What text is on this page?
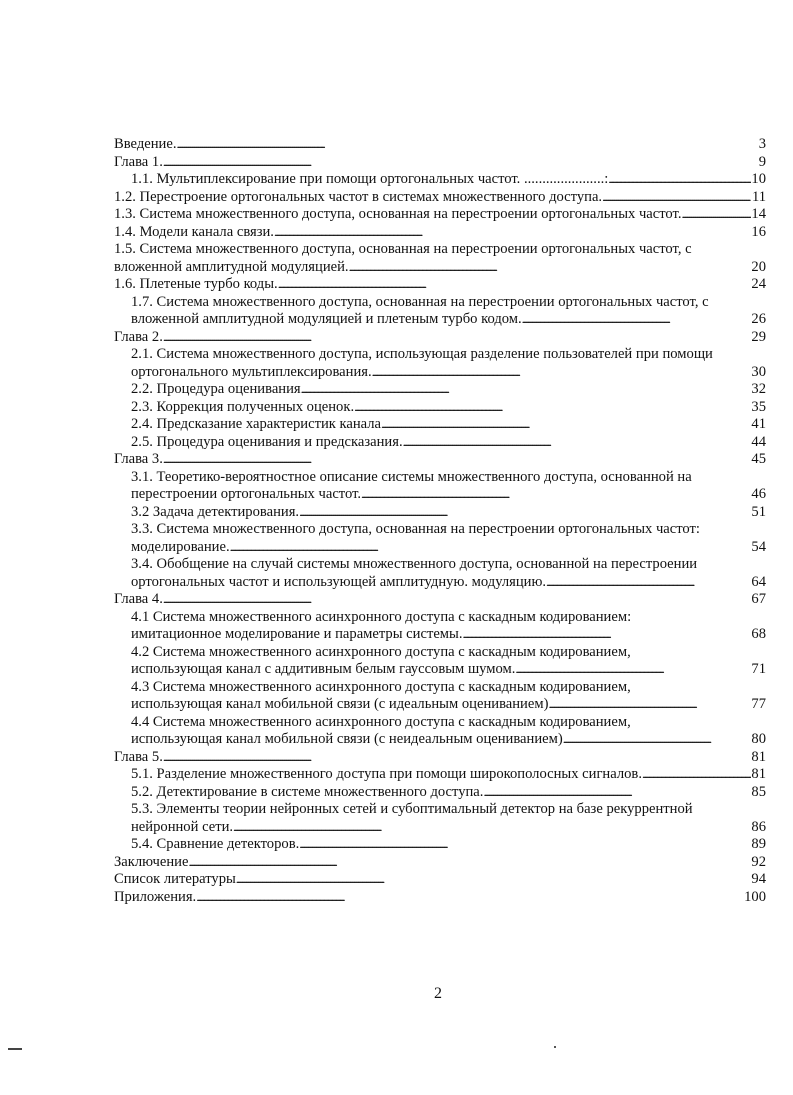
Введение. . . .	3
Глава 1. . . .	9
1.1. Мультиплексирование при помощи ортогональных частот. ......................: . . .	10
1.2. Перестроение ортогональных частот в системах множественного доступа. . . .	11
1.3. Система множественного доступа, основанная на перестроении ортогональных частот. . . .	14
1.4. Модели канала связи. . . .	16
1.5. Система множественного доступа, основанная на перестроении ортогональных частот, с
вложенной амплитудной модуляцией. . . .	20
1.6. Плетеные турбо коды. . . .	24
1.7. Система множественного доступа, основанная на перестроении ортогональных частот, с
вложенной амплитудной модуляцией и плетеным турбо кодом. . . .	26
Глава 2. . . .	29
2.1. Система множественного доступа, использующая разделение пользователей при помощи
ортогонального мультиплексирования. . . .	30
2.2. Процедура оценивания . . .	32
2.3. Коррекция полученных оценок. . . .	35
2.4. Предсказание характеристик канала . . .	41
2.5. Процедура оценивания и предсказания. . . .	44
Глава 3. . . .	45
3.1. Теоретико-вероятностное описание системы множественного доступа, основанной на
перестроении ортогональных частот. . . .	46
3.2 Задача детектирования. . . .	51
3.3. Система множественного доступа, основанная на перестроении ортогональных частот:
моделирование. . . .	54
3.4. Обобщение на случай системы множественного доступа, основанной на перестроении
ортогональных частот и использующей амплитудную. модуляцию. . . .	64
Глава 4. . . .	67
4.1 Система множественного асинхронного доступа с каскадным кодированием:
имитационное моделирование и параметры системы. . . .	68
4.2 Система множественного асинхронного доступа с каскадным кодированием,
использующая канал с аддитивным белым гауссовым шумом. . . .	71
4.3 Система множественного асинхронного доступа с каскадным кодированием,
использующая канал мобильной связи (с идеальным оцениванием) . . .	77
4.4 Система множественного асинхронного доступа с каскадным кодированием,
использующая канал мобильной связи (с неидеальным оцениванием) . . .	80
Глава 5. . . .	81
5.1. Разделение множественного доступа при помощи широкополосных сигналов. . . .	81
5.2. Детектирование в системе множественного доступа. . . .	85
5.3. Элементы теории нейронных сетей и субоптимальный детектор на базе рекуррентной
нейронной сети. . . .	86
5.4. Сравнение детекторов. . . .	89
Заключение . . .	92
Список литературы . . .	94
Приложения. . . .	100
2
